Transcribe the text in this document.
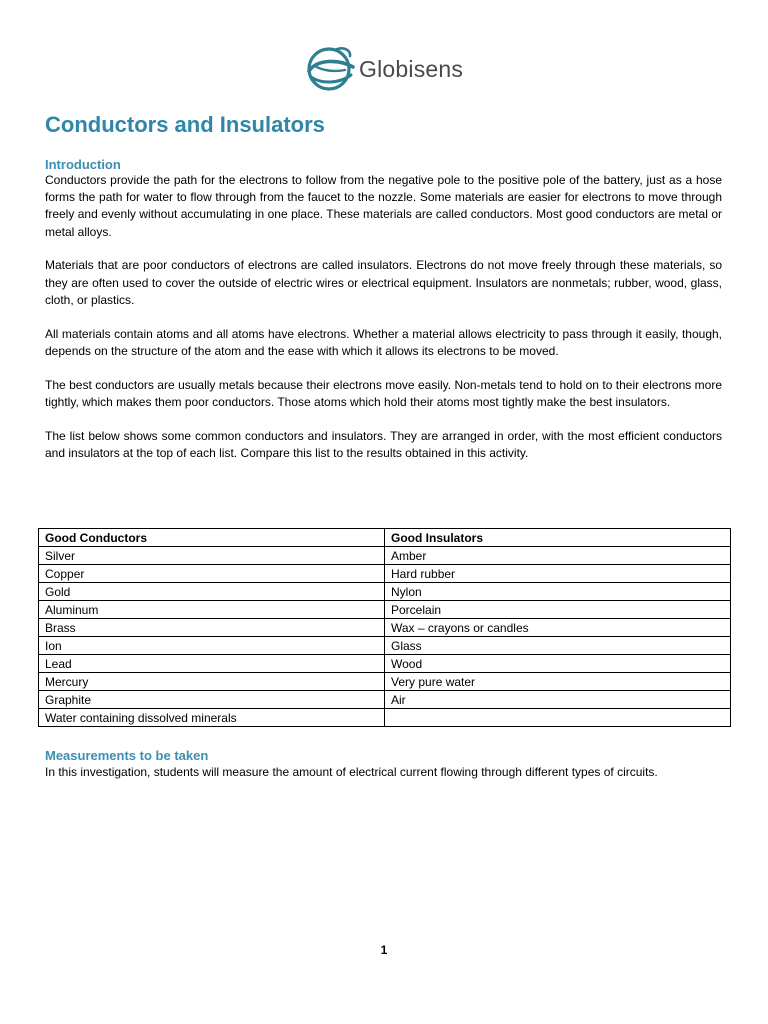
Globisens
Conductors and Insulators
Introduction

Conductors provide the path for the electrons to follow from the negative pole to the positive pole of the battery, just as a hose forms the path for water to flow through from the faucet to the nozzle. Some materials are easier for electrons to move through freely and evenly without accumulating in one place. These materials are called conductors. Most good conductors are metal or metal alloys.

Materials that are poor conductors of electrons are called insulators. Electrons do not move freely through these materials, so they are often used to cover the outside of electric wires or electrical equipment. Insulators are nonmetals; rubber, wood, glass, cloth, or plastics.

All materials contain atoms and all atoms have electrons. Whether a material allows electricity to pass through it easily, though, depends on the structure of the atom and the ease with which it allows its electrons to be moved.

The best conductors are usually metals because their electrons move easily. Non-metals tend to hold on to their electrons more tightly, which makes them poor conductors. Those atoms which hold their atoms most tightly make the best insulators.

The list below shows some common conductors and insulators. They are arranged in order, with the most efficient conductors and insulators at the top of each list. Compare this list to the results obtained in this activity.

Good Conductors	Good Insulators
Silver	Amber
Copper	Hard rubber
Gold	Nylon
Aluminum	Porcelain
Brass	Wax – crayons or candles
Ion	Glass
Lead	Wood
Mercury	Very pure water
Graphite	Air
Water containing dissolved minerals	
Measurements to be taken

In this investigation, students will measure the amount of electrical current flowing through different types of circuits.

1
